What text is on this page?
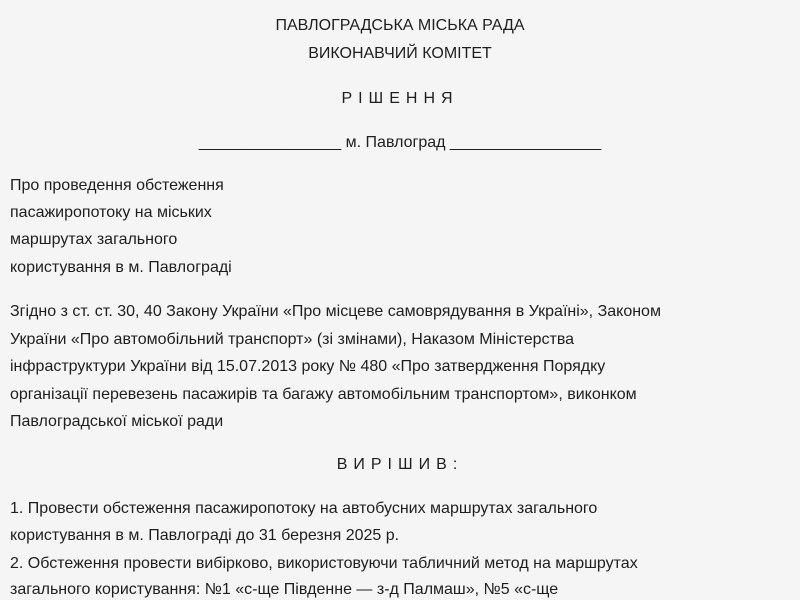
ПАВЛОГРАДСЬКА МІСЬКА РАДА
ВИКОНАВЧИЙ КОМІТЕТ
РІШЕННЯ
________________ м. Павлоград _________________
Про проведення обстеження
пасажиропотоку на міських
маршрутах загального
користування в м. Павлограді
Згідно з ст. ст. 30, 40 Закону України «Про місцеве самоврядування в Україні», Законом
України «Про автомобільний транспорт» (зі змінами), Наказом Міністерства
інфраструктури України від 15.07.2013 року № 480 «Про затвердження Порядку
організації перевезень пасажирів та багажу автомобільним транспортом», виконком
Павлоградської міської ради
ВИРІШИВ:
1. Провести обстеження пасажиропотоку на автобусних маршрутах загального
користування в м. Павлограді до 31 березня 2025 р.
2. Обстеження провести вибірково, використовуючи табличний метод на маршрутах
загального користування: №1 «с-ще Південне — з-д Палмаш», №5 «с-ще
